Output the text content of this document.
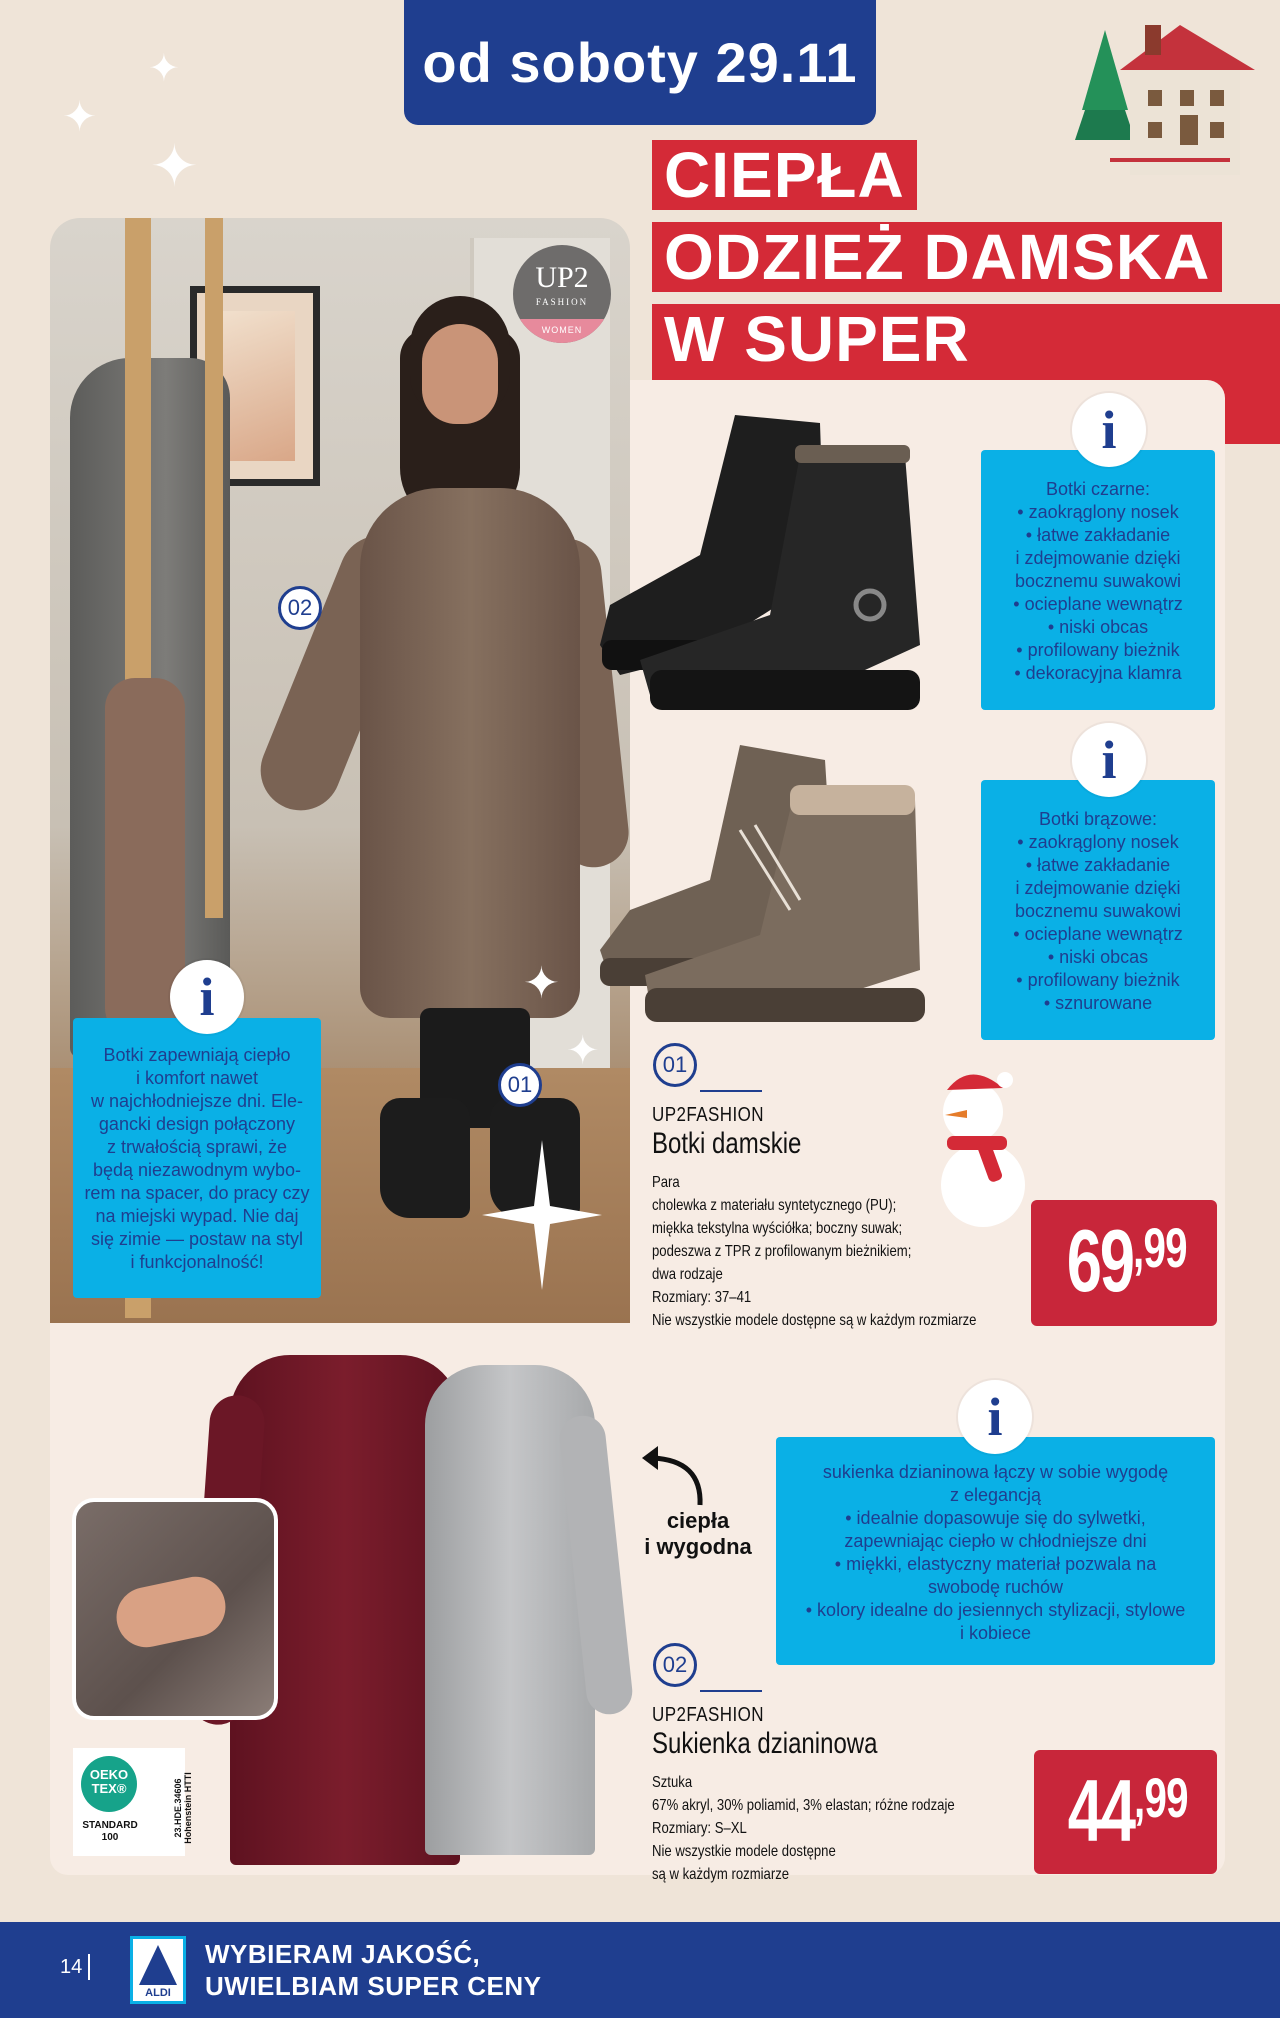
od soboty 29.11
✦
✦
✦	CIEPŁA
ODZIEŻ DAMSKA
W SUPER
UP2
FASHION
WOMEN
02
01
✦
✦
Botki zapewniają ciepło
i komfort nawet
w najchłodniejsze dni. Ele-
gancki design połączony
z trwałością sprawi, że
będą niezawodnym wybo-
rem na spacer, do pracy czy
na miejski wypad. Nie daj
się zimie — postaw na styl
i funkcjonalność!
i
Botki czarne:
• zaokrąglony nosek
• łatwe zakładanie
i zdejmowanie dzięki
bocznemu suwakowi
• ocieplane wewnątrz
• niski obcas
• profilowany bieżnik
• dekoracyjna klamra
i
Botki brązowe:
• zaokrąglony nosek
• łatwe zakładanie
i zdejmowanie dzięki
bocznemu suwakowi
• ocieplane wewnątrz
• niski obcas
• profilowany bieżnik
• sznurowane
i
01
UP2FASHION
Botki damskie
Para
cholewka z materiału syntetycznego (PU);
miękka tekstylna wyściółka; boczny suwak;
podeszwa z TPR z profilowanym bieżnikiem;
dwa rodzaje
Rozmiary: 37–41
Nie wszystkie modele dostępne są w każdym rozmiarze
69 ,99
OEKO
TEX®
STANDARD
100	23.HDE.34606
Hohenstein HTTI
ciepła
i wygodna
sukienka dzianinowa łączy w sobie wygodę
z elegancją
• idealnie dopasowuje się do sylwetki,
zapewniając ciepło w chłodniejsze dni
• miękki, elastyczny materiał pozwala na
swobodę ruchów
• kolory idealne do jesiennych stylizacji, stylowe
i kobiece
i
02
UP2FASHION
Sukienka dzianinowa
Sztuka
67% akryl, 30% poliamid, 3% elastan; różne rodzaje
Rozmiary: S–XL
Nie wszystkie modele dostępne
są w każdym rozmiarze
44 ,99
14
ALDI
WYBIERAM JAKOŚĆ,
UWIELBIAM SUPER CENY
